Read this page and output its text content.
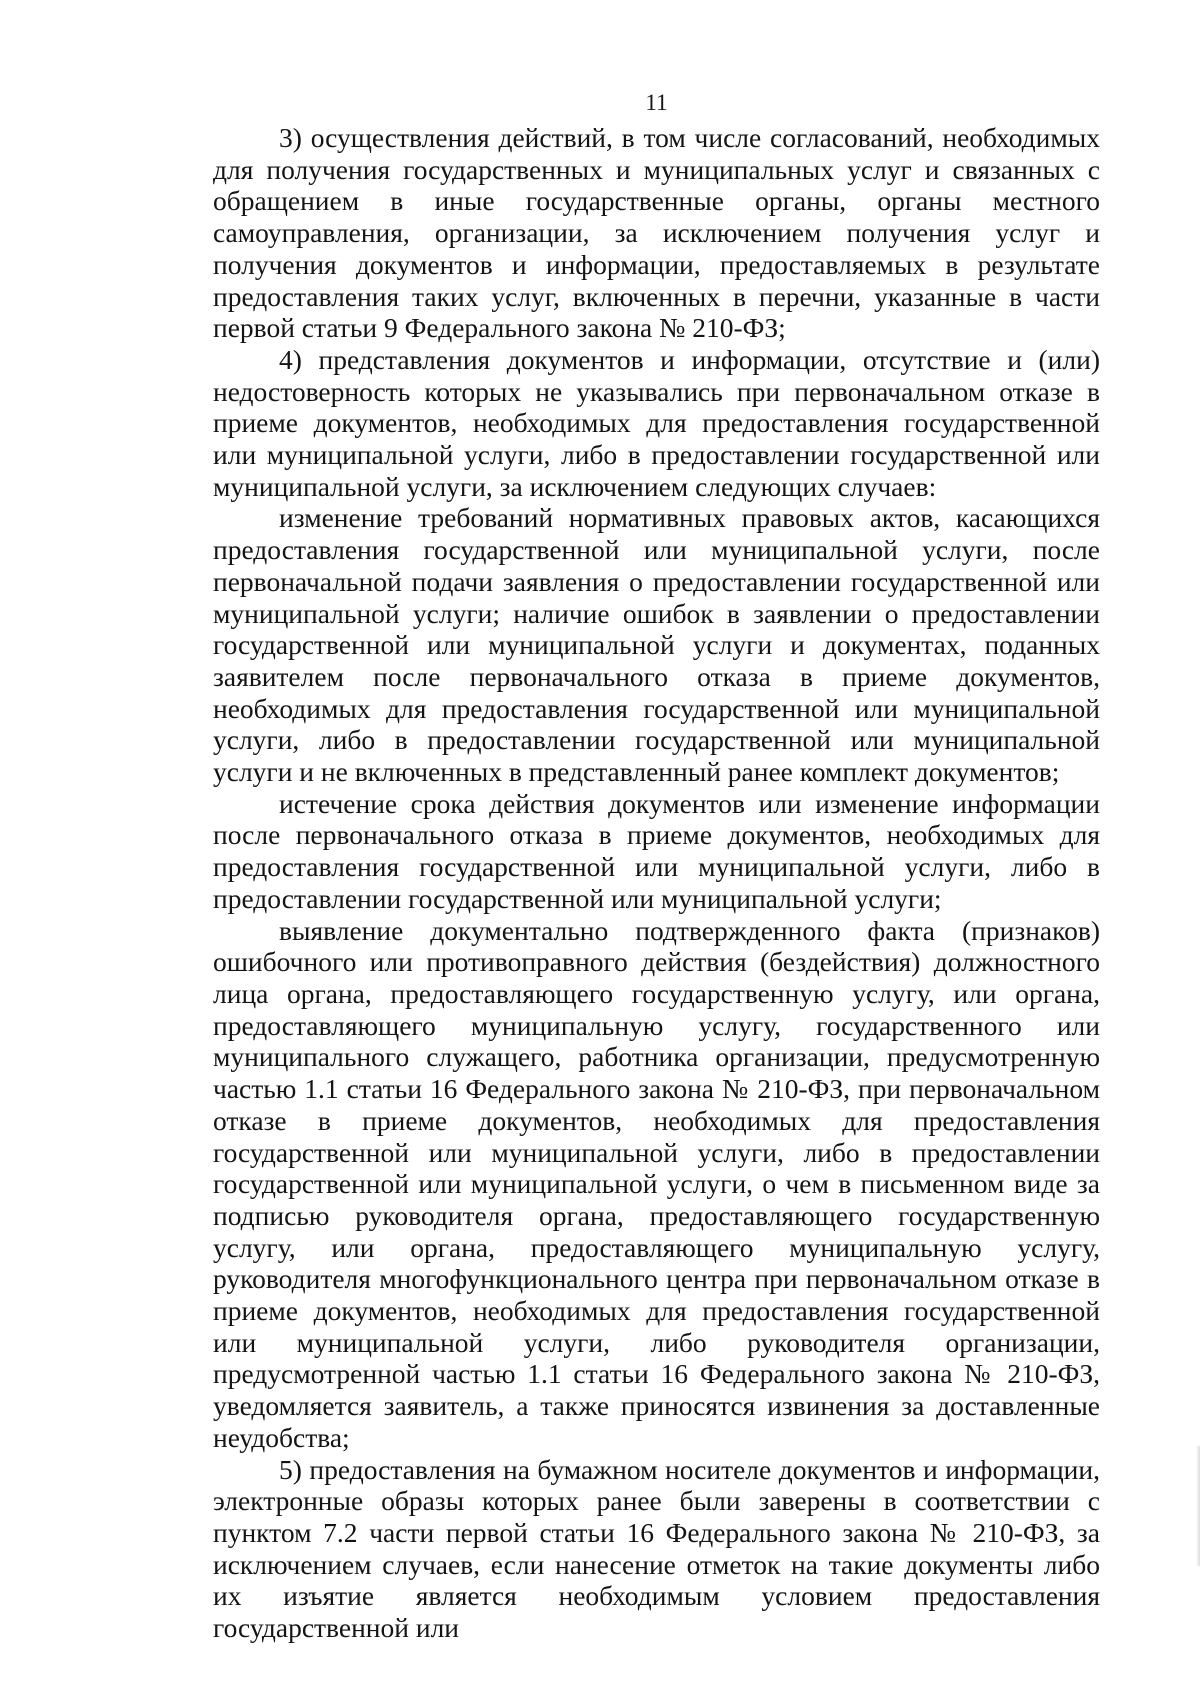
11

3) осуществления действий, в том числе согласований, необходимых для получения государственных и муниципальных услуг и связанных с обращением в иные государственные органы, органы местного самоуправления, организации, за исключением получения услуг и получения документов и информации, предоставляемых в результате предоставления таких услуг, включенных в перечни, указанные в части первой статьи 9 Федерального закона № 210-ФЗ;

4) представления документов и информации, отсутствие и (или) недостоверность которых не указывались при первоначальном отказе в приеме документов, необходимых для предоставления государственной или муниципальной услуги, либо в предоставлении государственной или муниципальной услуги, за исключением следующих случаев:

изменение требований нормативных правовых актов, касающихся предоставления государственной или муниципальной услуги, после первоначальной подачи заявления о предоставлении государственной или муниципальной услуги; наличие ошибок в заявлении о предоставлении государственной или муниципальной услуги и документах, поданных заявителем после первоначального отказа в приеме документов, необходимых для предоставления государственной или муниципальной услуги, либо в предоставлении государственной или муниципальной услуги и не включенных в представленный ранее комплект документов;

истечение срока действия документов или изменение информации после первоначального отказа в приеме документов, необходимых для предоставления государственной или муниципальной услуги, либо в предоставлении государственной или муниципальной услуги;

выявление документально подтвержденного факта (признаков) ошибочного или противоправного действия (бездействия) должностного лица органа, предоставляющего государственную услугу, или органа, предоставляющего муниципальную услугу, государственного или муниципального служащего, работника организации, предусмотренную частью 1.1 статьи 16 Федерального закона № 210-ФЗ, при первоначальном отказе в приеме документов, необходимых для предоставления государственной или муниципальной услуги, либо в предоставлении государственной или муниципальной услуги, о чем в письменном виде за подписью руководителя органа, предоставляющего государственную услугу, или органа, предоставляющего муниципальную услугу, руководителя многофункционального центра при первоначальном отказе в приеме документов, необходимых для предоставления государственной или муниципальной услуги, либо руководителя организации, предусмотренной частью 1.1 статьи 16 Федерального закона № 210-ФЗ, уведомляется заявитель, а также приносятся извинения за доставленные неудобства;

5) предоставления на бумажном носителе документов и информации, электронные образы которых ранее были заверены в соответствии с пунктом 7.2 части первой статьи 16 Федерального закона № 210-ФЗ, за исключением случаев, если нанесение отметок на такие документы либо их изъятие является необходимым условием предоставления государственной или
